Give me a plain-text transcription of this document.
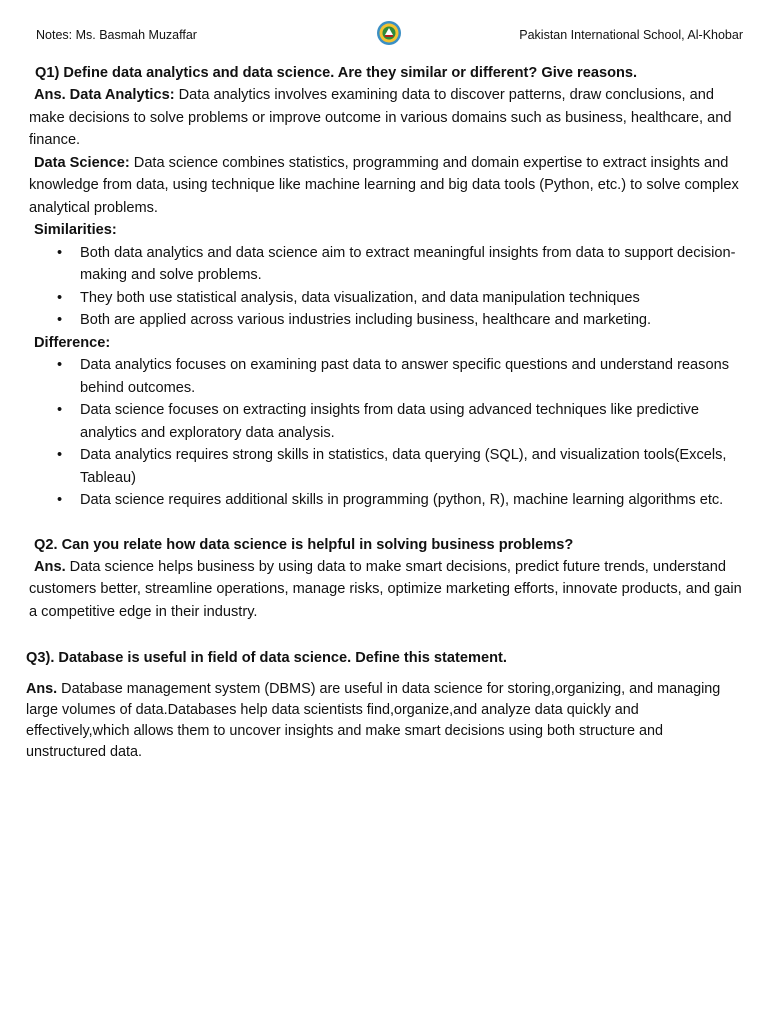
Notes: Ms. Basmah Muzaffar	Pakistan International School, Al-Khobar
Q1) Define data analytics and data science. Are they similar or different? Give reasons.
Ans. Data Analytics: Data analytics involves examining data to discover patterns, draw conclusions, and make decisions to solve problems or improve outcome in various domains such as business, healthcare, and finance.
Data Science: Data science combines statistics, programming and domain expertise to extract insights and knowledge from data, using technique like machine learning and big data tools (Python, etc.) to solve complex analytical problems.
Similarities:
• Both data analytics and data science aim to extract meaningful insights from data to support decision-making and solve problems.
• They both use statistical analysis, data visualization, and data manipulation techniques
• Both are applied across various industries including business, healthcare and marketing.
Difference:
• Data analytics focuses on examining past data to answer specific questions and understand reasons behind outcomes.
• Data science focuses on extracting insights from data using advanced techniques like predictive analytics and exploratory data analysis.
• Data analytics requires strong skills in statistics, data querying (SQL), and visualization tools(Excels, Tableau)
• Data science requires additional skills in programming (python, R), machine learning algorithms etc.
Q2. Can you relate how data science is helpful in solving business problems?
Ans. Data science helps business by using data to make smart decisions, predict future trends, understand customers better, streamline operations, manage risks, optimize marketing efforts, innovate products, and gain a competitive edge in their industry.
Q3). Database is useful in field of data science. Define this statement.
Ans. Database management system (DBMS) are useful in data science for storing,organizing, and managing large volumes of data.Databases help data scientists find,organize,and analyze data quickly and effectively,which allows them to uncover insights and make smart decisions using both structure and unstructured data.
